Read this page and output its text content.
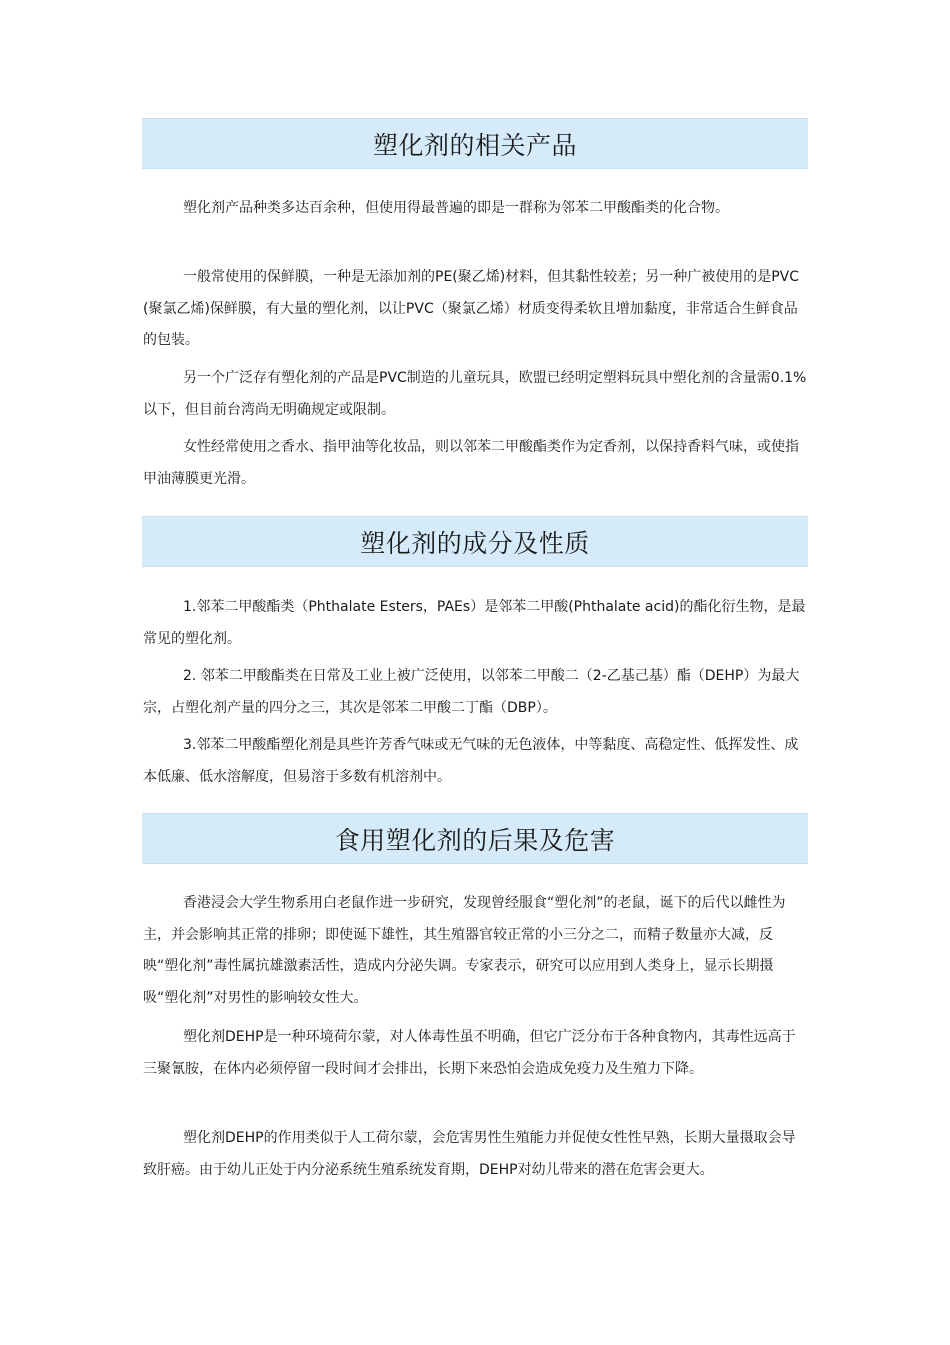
塑化剂的相关产品

塑化剂产品种类多达百余种，但使用得最普遍的即是一群称为邻苯二甲酸酯类的化合物。

一般常使用的保鲜膜，一种是无添加剂的PE(聚乙烯)材料，但其黏性较差；另一种广被使用的是PVC(聚氯乙烯)保鲜膜，有大量的塑化剂，以让PVC（聚氯乙烯）材质变得柔软且增加黏度，非常适合生鲜食品的包装。

另一个广泛存有塑化剂的产品是PVC制造的儿童玩具，欧盟已经明定塑料玩具中塑化剂的含量需0.1%以下，但目前台湾尚无明确规定或限制。

女性经常使用之香水、指甲油等化妆品，则以邻苯二甲酸酯类作为定香剂，以保持香料气味，或使指甲油薄膜更光滑。

塑化剂的成分及性质

1.邻苯二甲酸酯类（Phthalate Esters，PAEs）是邻苯二甲酸(Phthalate acid)的酯化衍生物，是最常见的塑化剂。

2. 邻苯二甲酸酯类在日常及工业上被广泛使用，以邻苯二甲酸二（2-乙基己基）酯（DEHP）为最大宗，占塑化剂产量的四分之三，其次是邻苯二甲酸二丁酯（DBP）。

3.邻苯二甲酸酯塑化剂是具些许芳香气味或无气味的无色液体，中等黏度、高稳定性、低挥发性、成本低廉、低水溶解度，但易溶于多数有机溶剂中。

食用塑化剂的后果及危害

香港浸会大学生物系用白老鼠作进一步研究，发现曾经服食“塑化剂”的老鼠，诞下的后代以雌性为主，并会影响其正常的排卵；即使诞下雄性，其生殖器官较正常的小三分之二，而精子数量亦大减，反映“塑化剂”毒性属抗雄激素活性，造成内分泌失调。专家表示，研究可以应用到人类身上，显示长期摄吸“塑化剂”对男性的影响较女性大。

塑化剂DEHP是一种环境荷尔蒙，对人体毒性虽不明确，但它广泛分布于各种食物内，其毒性远高于三聚氰胺，在体内必须停留一段时间才会排出，长期下来恐怕会造成免疫力及生殖力下降。

塑化剂DEHP的作用类似于人工荷尔蒙，会危害男性生殖能力并促使女性性早熟，长期大量摄取会导致肝癌。由于幼儿正处于内分泌系统生殖系统发育期，DEHP对幼儿带来的潜在危害会更大。
